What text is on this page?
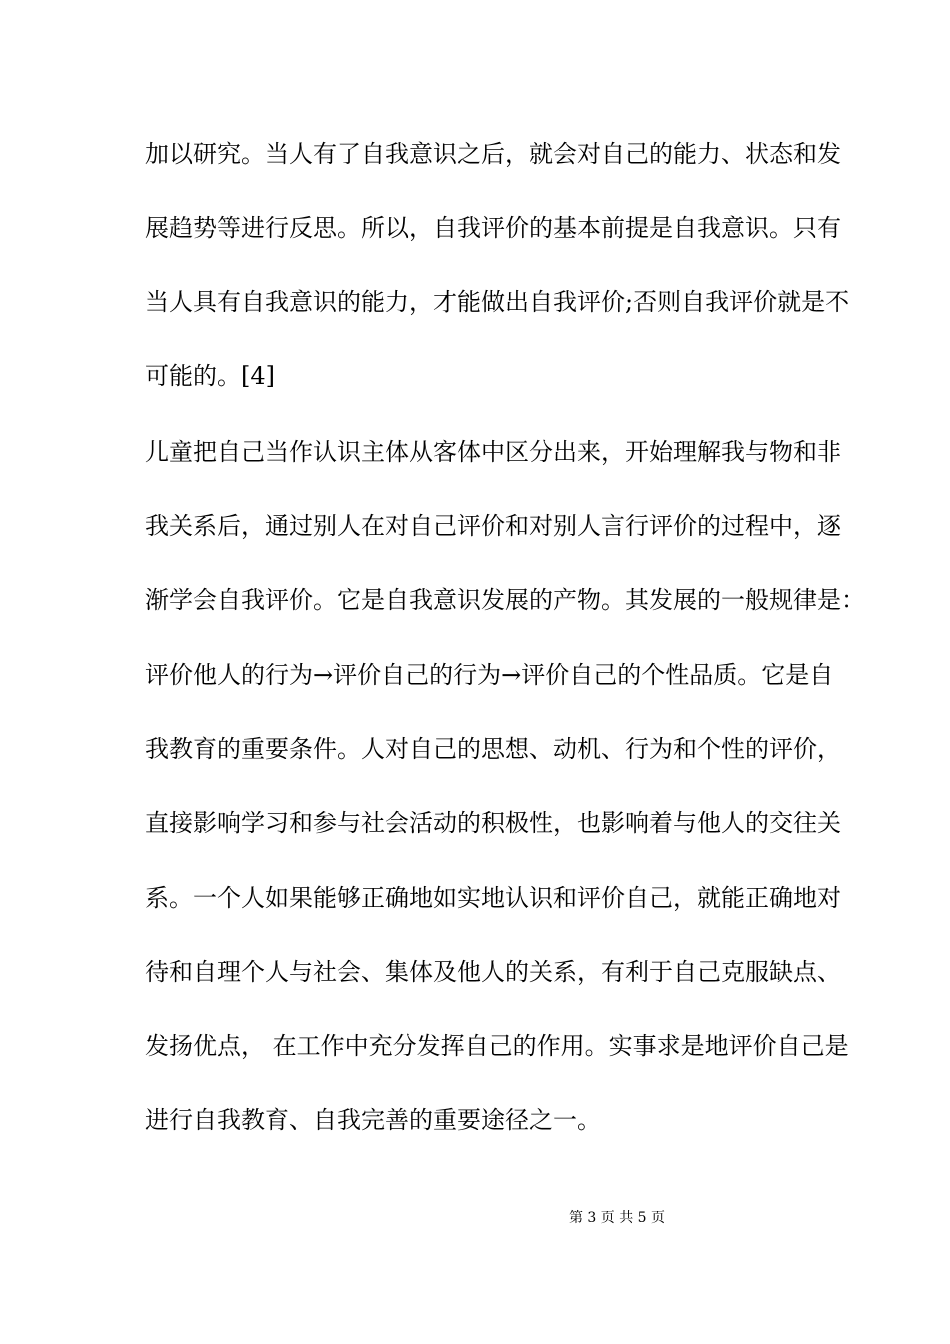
加以研究。当人有了自我意识之后，就会对自己的能力、状态和发
展趋势等进行反思。所以，自我评价的基本前提是自我意识。只有
当人具有自我意识的能力，才能做出自我评价;否则自我评价就是不
可能的。[4]
儿童把自己当作认识主体从客体中区分出来，开始理解我与物和非
我关系后，通过别人在对自己评价和对别人言行评价的过程中，逐
渐学会自我评价。它是自我意识发展的产物。其发展的一般规律是：
评价他人的行为→评价自己的行为→评价自己的个性品质。它是自
我教育的重要条件。人对自己的思想、动机、行为和个性的评价，
直接影响学习和参与社会活动的积极性，也影响着与他人的交往关
系。一个人如果能够正确地如实地认识和评价自己，就能正确地对
待和自理个人与社会、集体及他人的关系，有利于自己克服缺点、
发扬优点， 在工作中充分发挥自己的作用。实事求是地评价自己是
进行自我教育、自我完善的重要途径之一。
第 3 页 共 5 页
